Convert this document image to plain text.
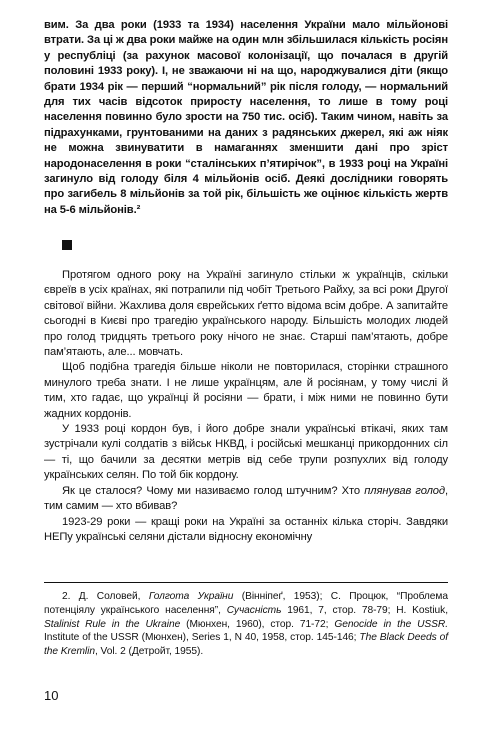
вим. За два роки (1933 та 1934) населення України мало мільйонові втрати. За ці ж два роки майже на один млн збільшилася кількість росіян у республіці (за рахунок масової колонізації, що почалася в другій половині 1933 року). І, не зважаючи ні на що, народжувалися діти (якщо брати 1934 рік — перший “нормальний” рік після голоду, — нормальний для тих часів відсоток приросту населення, то лише в тому році населення повинно було зрости на 750 тис. осіб). Таким чином, навіть за підрахунками, грунтованими на даних з радянських джерел, які аж ніяк не можна звинуватити в намаганнях зменшити дані про зріст народонаселення в роки “сталінських п’ятирічок”, в 1933 році на Україні загинуло від голоду біля 4 мільйонів осіб. Деякі дослідники говорять про загибель 8 мільйонів за той рік, більшість же оцінює кількість жертв на 5-6 мільйонів.²

Протягом одного року на Україні загинуло стільки ж українців, скільки євреїв в усіх країнах, які потрапили під чобіт Третього Райху, за всі роки Другої світової війни. Жахлива доля єврейських ґетто відома всім добре. А запитайте сьогодні в Києві про трагедію українського народу. Більшість молодих людей про голод тридцять третього року нічого не знає. Старші пам’ятають, добре пам’ятають, але... мовчать.

Щоб подібна трагедія більше ніколи не повторилася, сторінки страшного минулого треба знати. І не лише українцям, але й росіянам, у тому числі й тим, хто гадає, що українці й росіяни — брати, і між ними не повинно бути жадних кордонів.

У 1933 році кордон був, і його добре знали українські втікачі, яких там зустрічали кулі солдатів з військ НКВД, і російські мешканці прикордонних сіл — ті, що бачили за десятки метрів від себе трупи розпухлих від голоду українських селян. По той бік кордону.

Як це сталося? Чому ми називаємо голод штучним? Хто плянував голод, тим самим — хто вбивав?

1923-29 роки — кращі роки на Україні за останніх кілька сторіч. Завдяки НЕПу українські селяни дістали відносну економічну

2. Д. Соловей, Голгота України (Вінніпеґ, 1953); С. Процюк, “Проблема потенціялу українського населення”, Сучасність 1961, 7, стор. 78-79; Н. Kostiuk, Stalinist Rule in the Ukraine (Мюнхен, 1960), стор. 71-72; Genocide in the USSR. Institute of the USSR (Мюнхен), Series 1, N 40, 1958, стор. 145-146; The Black Deeds of the Kremlin, Vol. 2 (Детройт, 1955).

10
